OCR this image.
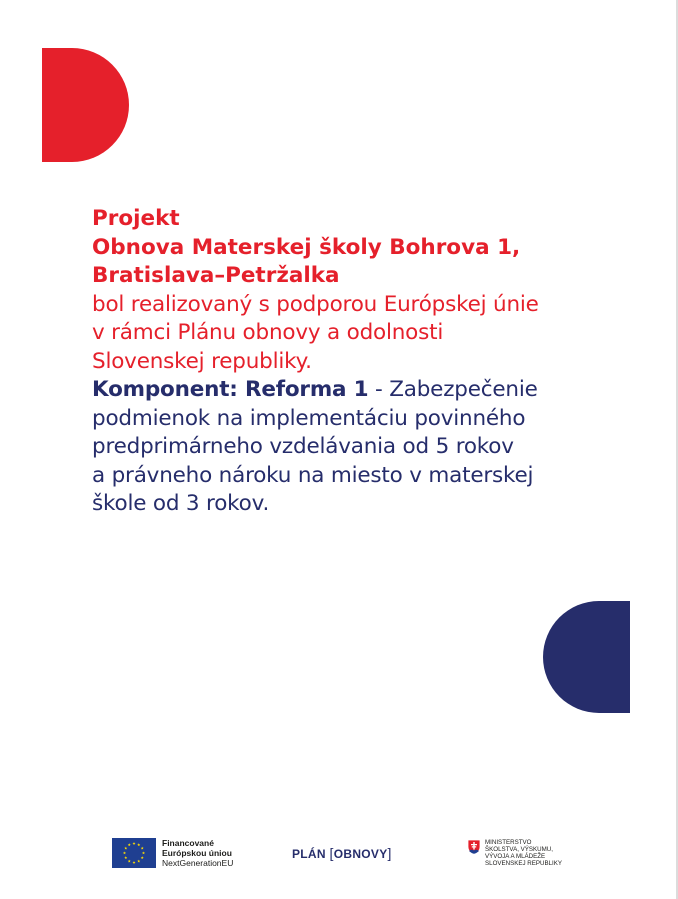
Projekt
Obnova Materskej školy Bohrova 1,
Bratislava–Petržalka
bol realizovaný s podporou Európskej únie
v rámci Plánu obnovy a odolnosti
Slovenskej republiky.
Komponent: Reforma 1 - Zabezpečenie
podmienok na implementáciu povinného
predprimárneho vzdelávania od 5 rokov
a právneho nároku na miesto v materskej
škole od 3 rokov.
Financované
Európskou úniou
NextGenerationEU
PLÁN [OBNOVY]
MINISTERSTVO
ŠKOLSTVA, VÝSKUMU,
VÝVOJA A MLÁDEŽE
SLOVENSKEJ REPUBLIKY
